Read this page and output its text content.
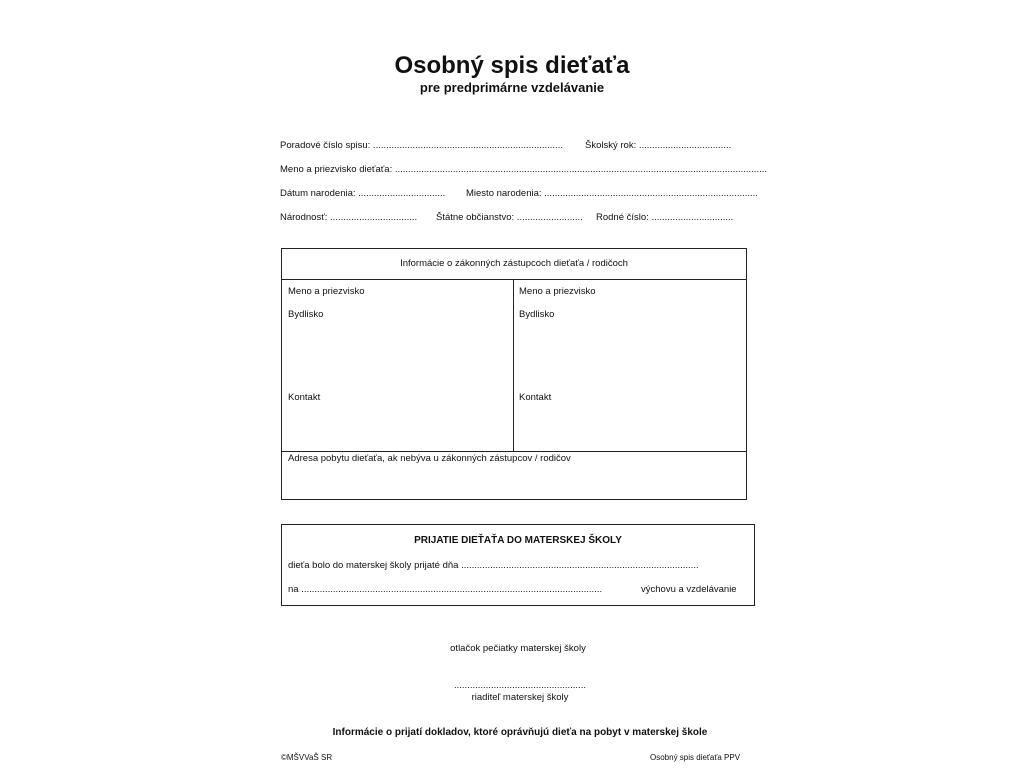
Osobný spis dieťaťa
pre predprimárne vzdelávanie
Poradové číslo spisu: ........................................................................ Školský rok: ...................................
Meno a priezvisko dieťaťa: .............................................................................................................................................
Dátum narodenia: ................................. Miesto narodenia: .................................................................................
Národnosť: ................................. Štátne občianstvo: ......................... Rodné číslo: ...............................
Informácie o zákonných zástupcoch dieťaťa / rodičoch
Meno a priezvisko
Bydlisko
Kontakt
Meno a priezvisko
Bydlisko
Kontakt
Adresa pobytu dieťaťa, ak nebýva u zákonných zástupcov / rodičov
PRIJATIE DIEŤAŤA DO MATERSKEJ ŠKOLY
dieťa bolo do materskej školy prijaté dňa ..........................................................................................
na ..................................................................................................................	výchovu a vzdelávanie
otlačok pečiatky materskej školy
..................................................
riaditeľ materskej školy
Informácie o prijatí dokladov, ktoré oprávňujú dieťa na pobyt v materskej škole
©MŠVVaŠ SR	Osobný spis dieťaťa PPV
